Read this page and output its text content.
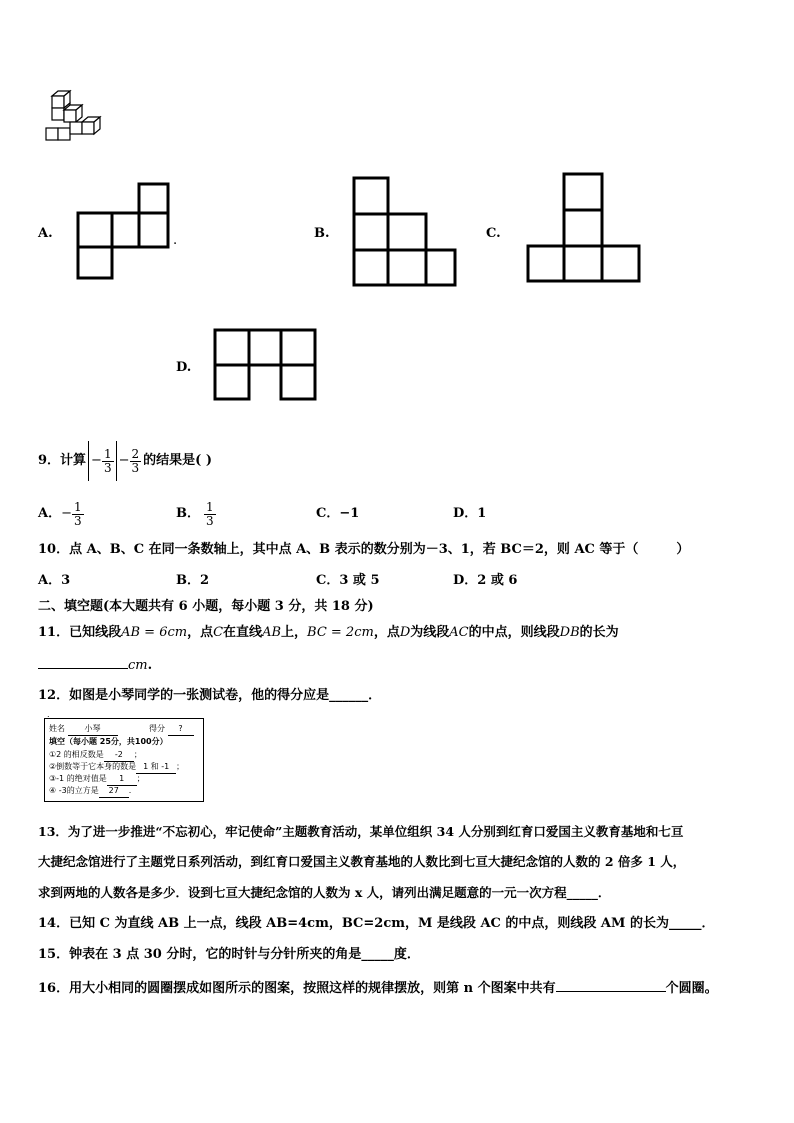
A.	.	B.	C.
D.
9．计算 − $\frac{1}{3} - \frac{2}{3}$ 的结果是( )
A． − $\frac{1}{3}$	B． $\frac{1}{3}$	C．−1	D．1
10．点 A、B、C 在同一条数轴上，其中点 A、B 表示的数分别为－3、1，若 BC＝2，则 AC 等于（	）
A．3	B．2	C．3 或 5	D．2 或 6
二、填空题(本大题共有 6 小题，每小题 3 分，共 18 分)
11．已知线段AB = 6cm，点C在直线AB上，BC = 2cm，点D为线段AC的中点，则线段DB的长为
cm.
12．如图是小琴同学的一张测试卷，他的得分应是______．
.
姓名 小琴	得分 ?
填空（每小题 25分，共100分）
①2 的相反数是 -2 ；
②倒数等于它本身的数是 1 和 -1 ；
③-1 的绝对值是 1 ；
④ -3的立方是 27 .
13．为了进一步推进“不忘初心，牢记使命”主题教育活动，某单位组织 34 人分别到红育口爱国主义教育基地和七亘
大捷纪念馆进行了主题党日系列活动，到红育口爱国主义教育基地的人数比到七亘大捷纪念馆的人数的 2 倍多 1 人，
求到两地的人数各是多少．设到七亘大捷纪念馆的人数为 x 人，请列出满足题意的一元一次方程_____．
14．已知 C 为直线 AB 上一点，线段 AB=4cm，BC=2cm，M 是线段 AC 的中点，则线段 AM 的长为_____．
15．钟表在 3 点 30 分时，它的时针与分针所夹的角是_____度．
16．用大小相同的圆圈摆成如图所示的图案，按照这样的规律摆放，则第 n 个图案中共有	个圆圈。
